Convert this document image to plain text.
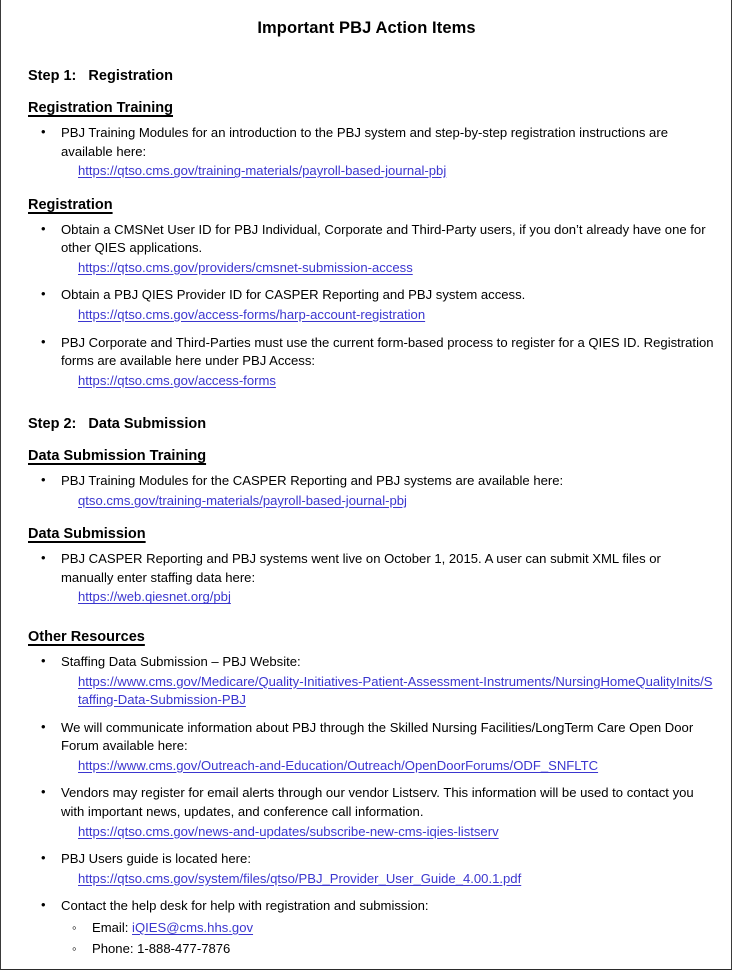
Important PBJ Action Items
Step 1:   Registration
Registration Training
• PBJ Training Modules for an introduction to the PBJ system and step-by-step registration instructions are available here:
https://qtso.cms.gov/training-materials/payroll-based-journal-pbj
Registration
• Obtain a CMSNet User ID for PBJ Individual, Corporate and Third-Party users, if you don’t already have one for other QIES applications.
https://qtso.cms.gov/providers/cmsnet-submission-access
• Obtain a PBJ QIES Provider ID for CASPER Reporting and PBJ system access.
https://qtso.cms.gov/access-forms/harp-account-registration
• PBJ Corporate and Third-Parties must use the current form-based process to register for a QIES ID. Registration forms are available here under PBJ Access:
https://qtso.cms.gov/access-forms
Step 2:   Data Submission
Data Submission Training
• PBJ Training Modules for the CASPER Reporting and PBJ systems are available here:
qtso.cms.gov/training-materials/payroll-based-journal-pbj
Data Submission
• PBJ CASPER Reporting and PBJ systems went live on October 1, 2015. A user can submit XML files or manually enter staffing data here:
https://web.qiesnet.org/pbj
Other Resources
• Staffing Data Submission – PBJ Website:
https://www.cms.gov/Medicare/Quality-Initiatives-Patient-Assessment-Instruments/NursingHomeQualityInits/Staffing-Data-Submission-PBJ
• We will communicate information about PBJ through the Skilled Nursing Facilities/LongTerm Care Open Door Forum available here:
https://www.cms.gov/Outreach-and-Education/Outreach/OpenDoorForums/ODF_SNFLTC
• Vendors may register for email alerts through our vendor Listserv. This information will be used to contact you with important news, updates, and conference call information.
https://qtso.cms.gov/news-and-updates/subscribe-new-cms-iqies-listserv
• PBJ Users guide is located here:
https://qtso.cms.gov/system/files/qtso/PBJ_Provider_User_Guide_4.00.1.pdf
• Contact the help desk for help with registration and submission:
◦ Email: iQIES@cms.hhs.gov
◦ Phone: 1-888-477-7876
